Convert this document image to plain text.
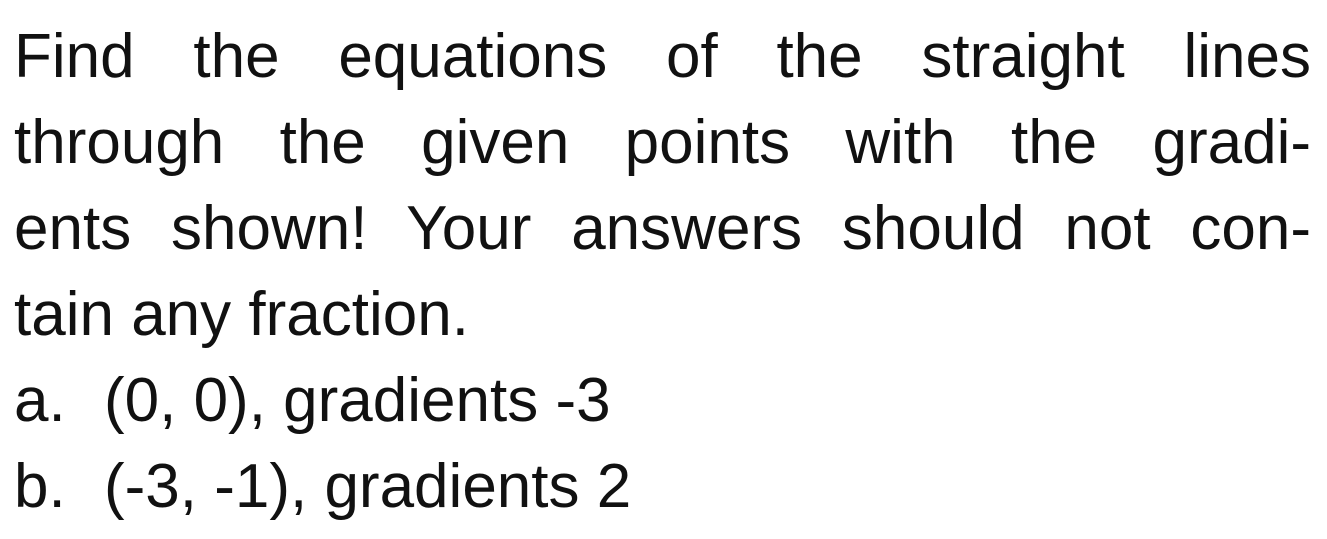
Find the equations of the straight lines
through the given points with the gradi-
ents shown! Your answers should not con-
tain any fraction.
a. (0, 0), gradients -3
b. (-3, -1), gradients 2
